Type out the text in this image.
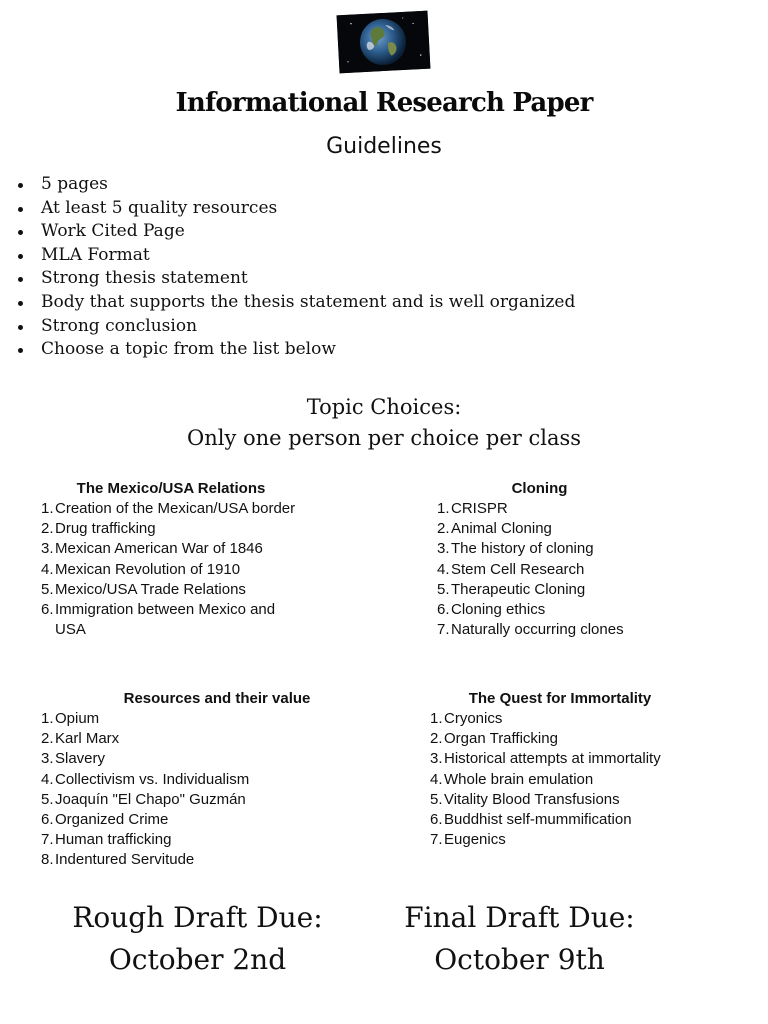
Informational Research Paper
Guidelines
5 pages
At least 5 quality resources
Work Cited Page
MLA Format
Strong thesis statement
Body that supports the thesis statement and is well organized
Strong conclusion
Choose a topic from the list below
Topic Choices:
Only one person per choice per class
The Mexico/USA Relations
1. Creation of the Mexican/USA border
2. Drug trafficking
3. Mexican American War of 1846
4. Mexican Revolution of 1910
5. Mexico/USA Trade Relations
6. Immigration between Mexico and USA
Cloning
1. CRISPR
2. Animal Cloning
3. The history of cloning
4. Stem Cell Research
5. Therapeutic Cloning
6. Cloning ethics
7. Naturally occurring clones
Resources and their value
1. Opium
2. Karl Marx
3. Slavery
4. Collectivism vs. Individualism
5. Joaquín "El Chapo" Guzmán
6. Organized Crime
7. Human trafficking
8. Indentured Servitude
The Quest for Immortality
1. Cryonics
2. Organ Trafficking
3. Historical attempts at immortality
4. Whole brain emulation
5. Vitality Blood Transfusions
6. Buddhist self-mummification
7. Eugenics
Rough Draft Due:
October 2nd
Final Draft Due:
October 9th
